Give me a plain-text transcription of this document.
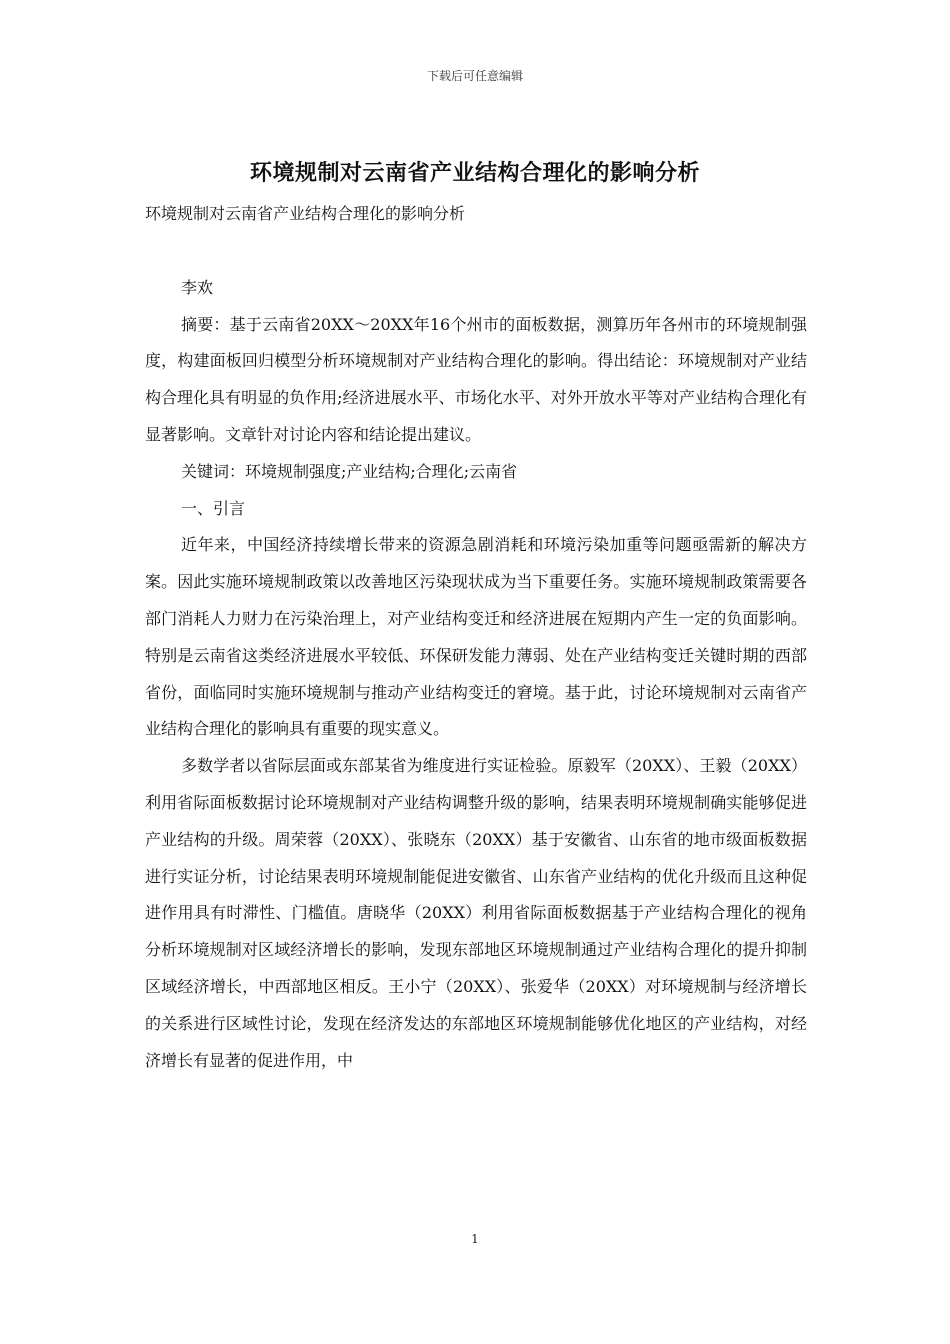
下载后可任意编辑
环境规制对云南省产业结构合理化的影响分析

环境规制对云南省产业结构合理化的影响分析

李欢

摘要：基于云南省20XX～20XX年16个州市的面板数据，测算历年各州市的环境规制强度，构建面板回归模型分析环境规制对产业结构合理化的影响。得出结论：环境规制对产业结构合理化具有明显的负作用;经济进展水平、市场化水平、对外开放水平等对产业结构合理化有显著影响。文章针对讨论内容和结论提出建议。

关键词：环境规制强度;产业结构;合理化;云南省

一、引言

近年来，中国经济持续增长带来的资源急剧消耗和环境污染加重等问题亟需新的解决方案。因此实施环境规制政策以改善地区污染现状成为当下重要任务。实施环境规制政策需要各部门消耗人力财力在污染治理上，对产业结构变迁和经济进展在短期内产生一定的负面影响。特别是云南省这类经济进展水平较低、环保研发能力薄弱、处在产业结构变迁关键时期的西部省份，面临同时实施环境规制与推动产业结构变迁的窘境。基于此，讨论环境规制对云南省产业结构合理化的影响具有重要的现实意义。

多数学者以省际层面或东部某省为维度进行实证检验。原毅军（20XX）、王毅（20XX）利用省际面板数据讨论环境规制对产业结构调整升级的影响，结果表明环境规制确实能够促进产业结构的升级。周荣蓉（20XX）、张晓东（20XX）基于安徽省、山东省的地市级面板数据进行实证分析，讨论结果表明环境规制能促进安徽省、山东省产业结构的优化升级而且这种促进作用具有时滞性、门槛值。唐晓华（20XX）利用省际面板数据基于产业结构合理化的视角分析环境规制对区域经济增长的影响，发现东部地区环境规制通过产业结构合理化的提升抑制区域经济增长，中西部地区相反。王小宁（20XX）、张爱华（20XX）对环境规制与经济增长的关系进行区域性讨论，发现在经济发达的东部地区环境规制能够优化地区的产业结构，对经济增长有显著的促进作用，中

1
